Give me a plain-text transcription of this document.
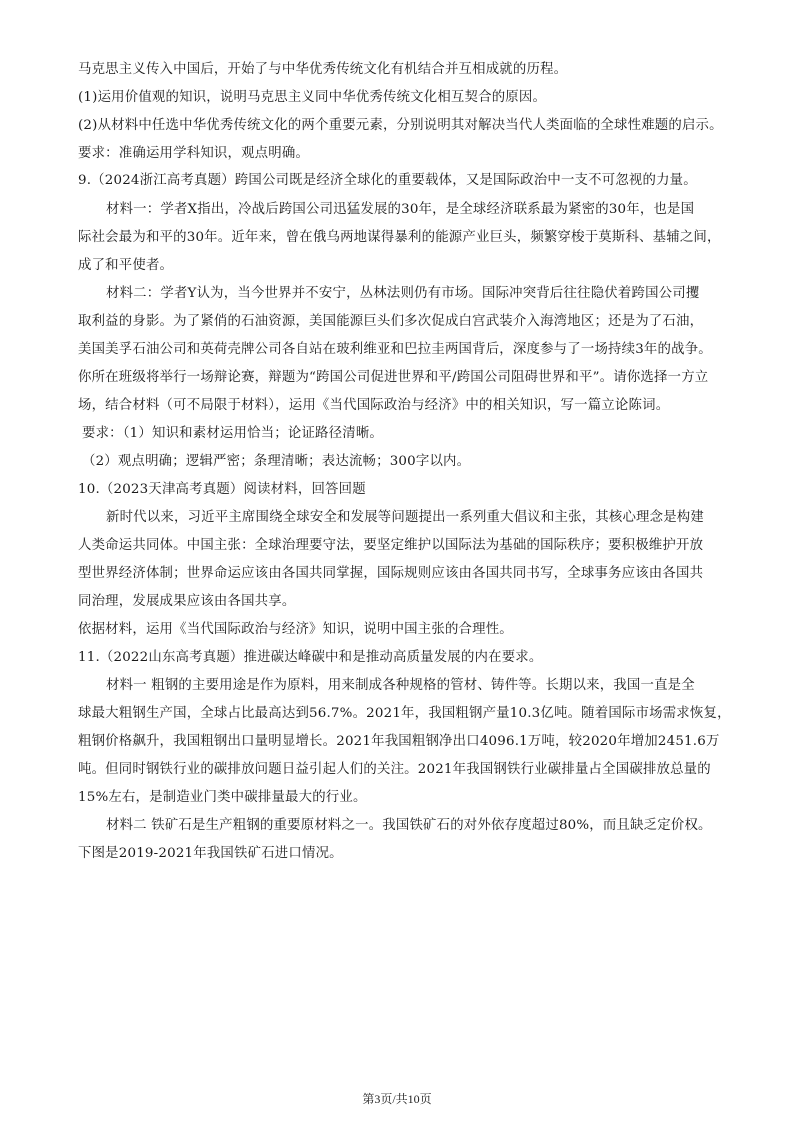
马克思主义传入中国后，开始了与中华优秀传统文化有机结合并互相成就的历程。
(1)运用价值观的知识，说明马克思主义同中华优秀传统文化相互契合的原因。
(2)从材料中任选中华优秀传统文化的两个重要元素，分别说明其对解决当代人类面临的全球性难题的启示。
要求：准确运用学科知识，观点明确。
9.（2024浙江高考真题）跨国公司既是经济全球化的重要载体，又是国际政治中一支不可忽视的力量。
材料一：学者X指出，冷战后跨国公司迅猛发展的30年，是全球经济联系最为紧密的30年，也是国
际社会最为和平的30年。近年来，曾在俄乌两地谋得暴利的能源产业巨头，频繁穿梭于莫斯科、基辅之间，
成了和平使者。
材料二：学者Y认为，当今世界并不安宁，丛林法则仍有市场。国际冲突背后往往隐伏着跨国公司攫
取利益的身影。为了紧俏的石油资源，美国能源巨头们多次促成白宫武装介入海湾地区；还是为了石油，
美国美孚石油公司和英荷壳牌公司各自站在玻利维亚和巴拉圭两国背后，深度参与了一场持续3年的战争。
你所在班级将举行一场辩论赛，辩题为“跨国公司促进世界和平/跨国公司阻碍世界和平”。请你选择一方立
场，结合材料（可不局限于材料），运用《当代国际政治与经济》中的相关知识，写一篇立论陈词。
要求：（1）知识和素材运用恰当；论证路径清晰。
（2）观点明确；逻辑严密；条理清晰；表达流畅；300字以内。
10.（2023天津高考真题）阅读材料，回答回题
新时代以来，习近平主席围绕全球安全和发展等问题提出一系列重大倡议和主张，其核心理念是构建
人类命运共同体。中国主张：全球治理要守法，要坚定维护以国际法为基础的国际秩序；要积极维护开放
型世界经济体制；世界命运应该由各国共同掌握，国际规则应该由各国共同书写，全球事务应该由各国共
同治理，发展成果应该由各国共享。
依据材料，运用《当代国际政治与经济》知识，说明中国主张的合理性。
11.（2022山东高考真题）推进碳达峰碳中和是推动高质量发展的内在要求。
材料一 粗钢的主要用途是作为原料，用来制成各种规格的管材、铸件等。长期以来，我国一直是全
球最大粗钢生产国，全球占比最高达到56.7%。2021年，我国粗钢产量10.3亿吨。随着国际市场需求恢复，
粗钢价格飙升，我国粗钢出口量明显增长。2021年我国粗钢净出口4096.1万吨，较2020年增加2451.6万
吨。但同时钢铁行业的碳排放问题日益引起人们的关注。2021年我国钢铁行业碳排量占全国碳排放总量的
15%左右，是制造业门类中碳排量最大的行业。
材料二 铁矿石是生产粗钢的重要原材料之一。我国铁矿石的对外依存度超过80%，而且缺乏定价权。
下图是2019-2021年我国铁矿石进口情况。
第3页/共10页
